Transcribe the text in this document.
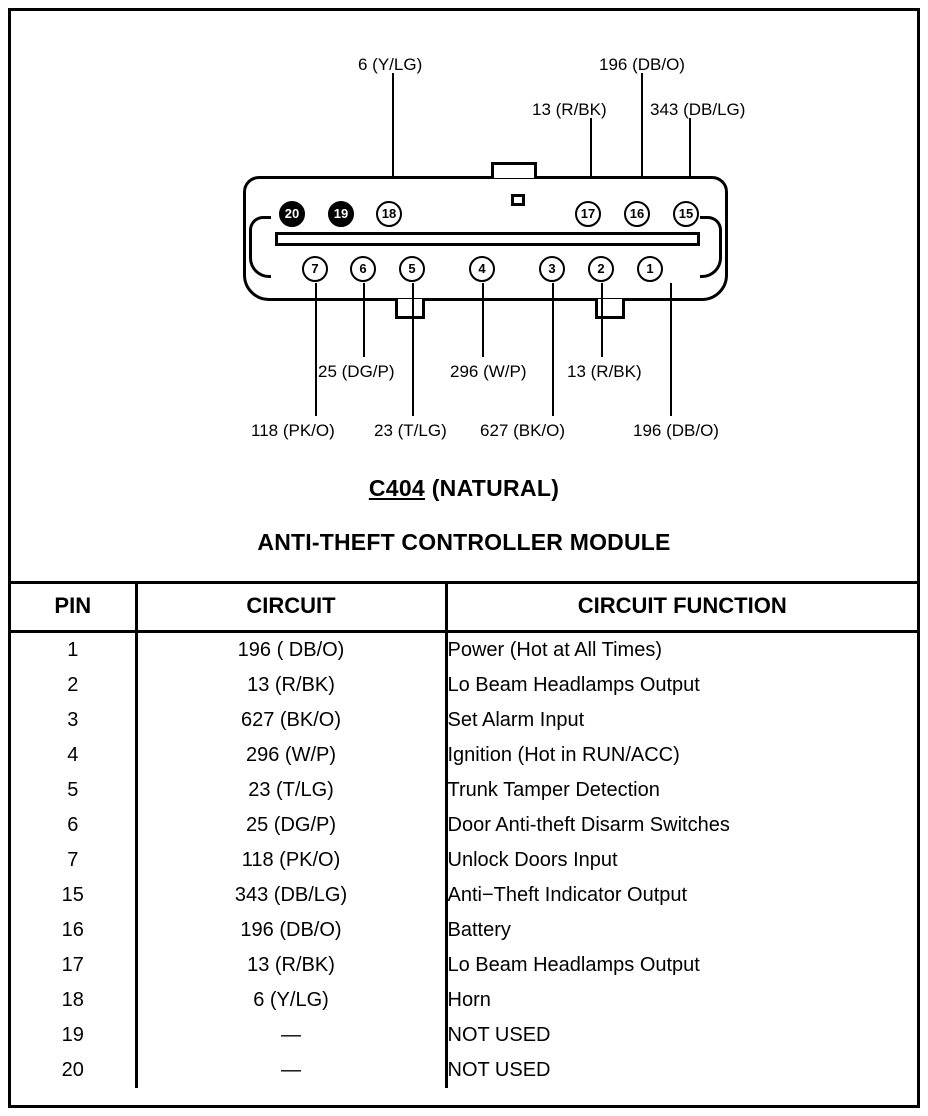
6 (Y/LG)	196 (DB/O)
13 (R/BK)	343 (DB/LG)
20	19	18	17	16	15
7	6	5	4	3	2	1
25 (DG/P)	296 (W/P) 13 (R/BK)
118 (PK/O) 23 (T/LG) 627 (BK/O)	196 (DB/O)
C404 (NATURAL)
ANTI-THEFT CONTROLLER MODULE
PIN	CIRCUIT	CIRCUIT FUNCTION
1	196 ( DB/O)	Power (Hot at All Times)
2	13 (R/BK)	Lo Beam Headlamps Output
3	627 (BK/O)	Set Alarm Input
4	296 (W/P)	Ignition (Hot in RUN/ACC)
5	23 (T/LG)	Trunk Tamper Detection
6	25 (DG/P)	Door Anti-theft Disarm Switches
7	118 (PK/O)	Unlock Doors Input
15	343 (DB/LG)	Anti−Theft Indicator Output
16	196 (DB/O)	Battery
17	13 (R/BK)	Lo Beam Headlamps Output
18	6 (Y/LG)	Horn
19	—	NOT USED
20	—	NOT USED
